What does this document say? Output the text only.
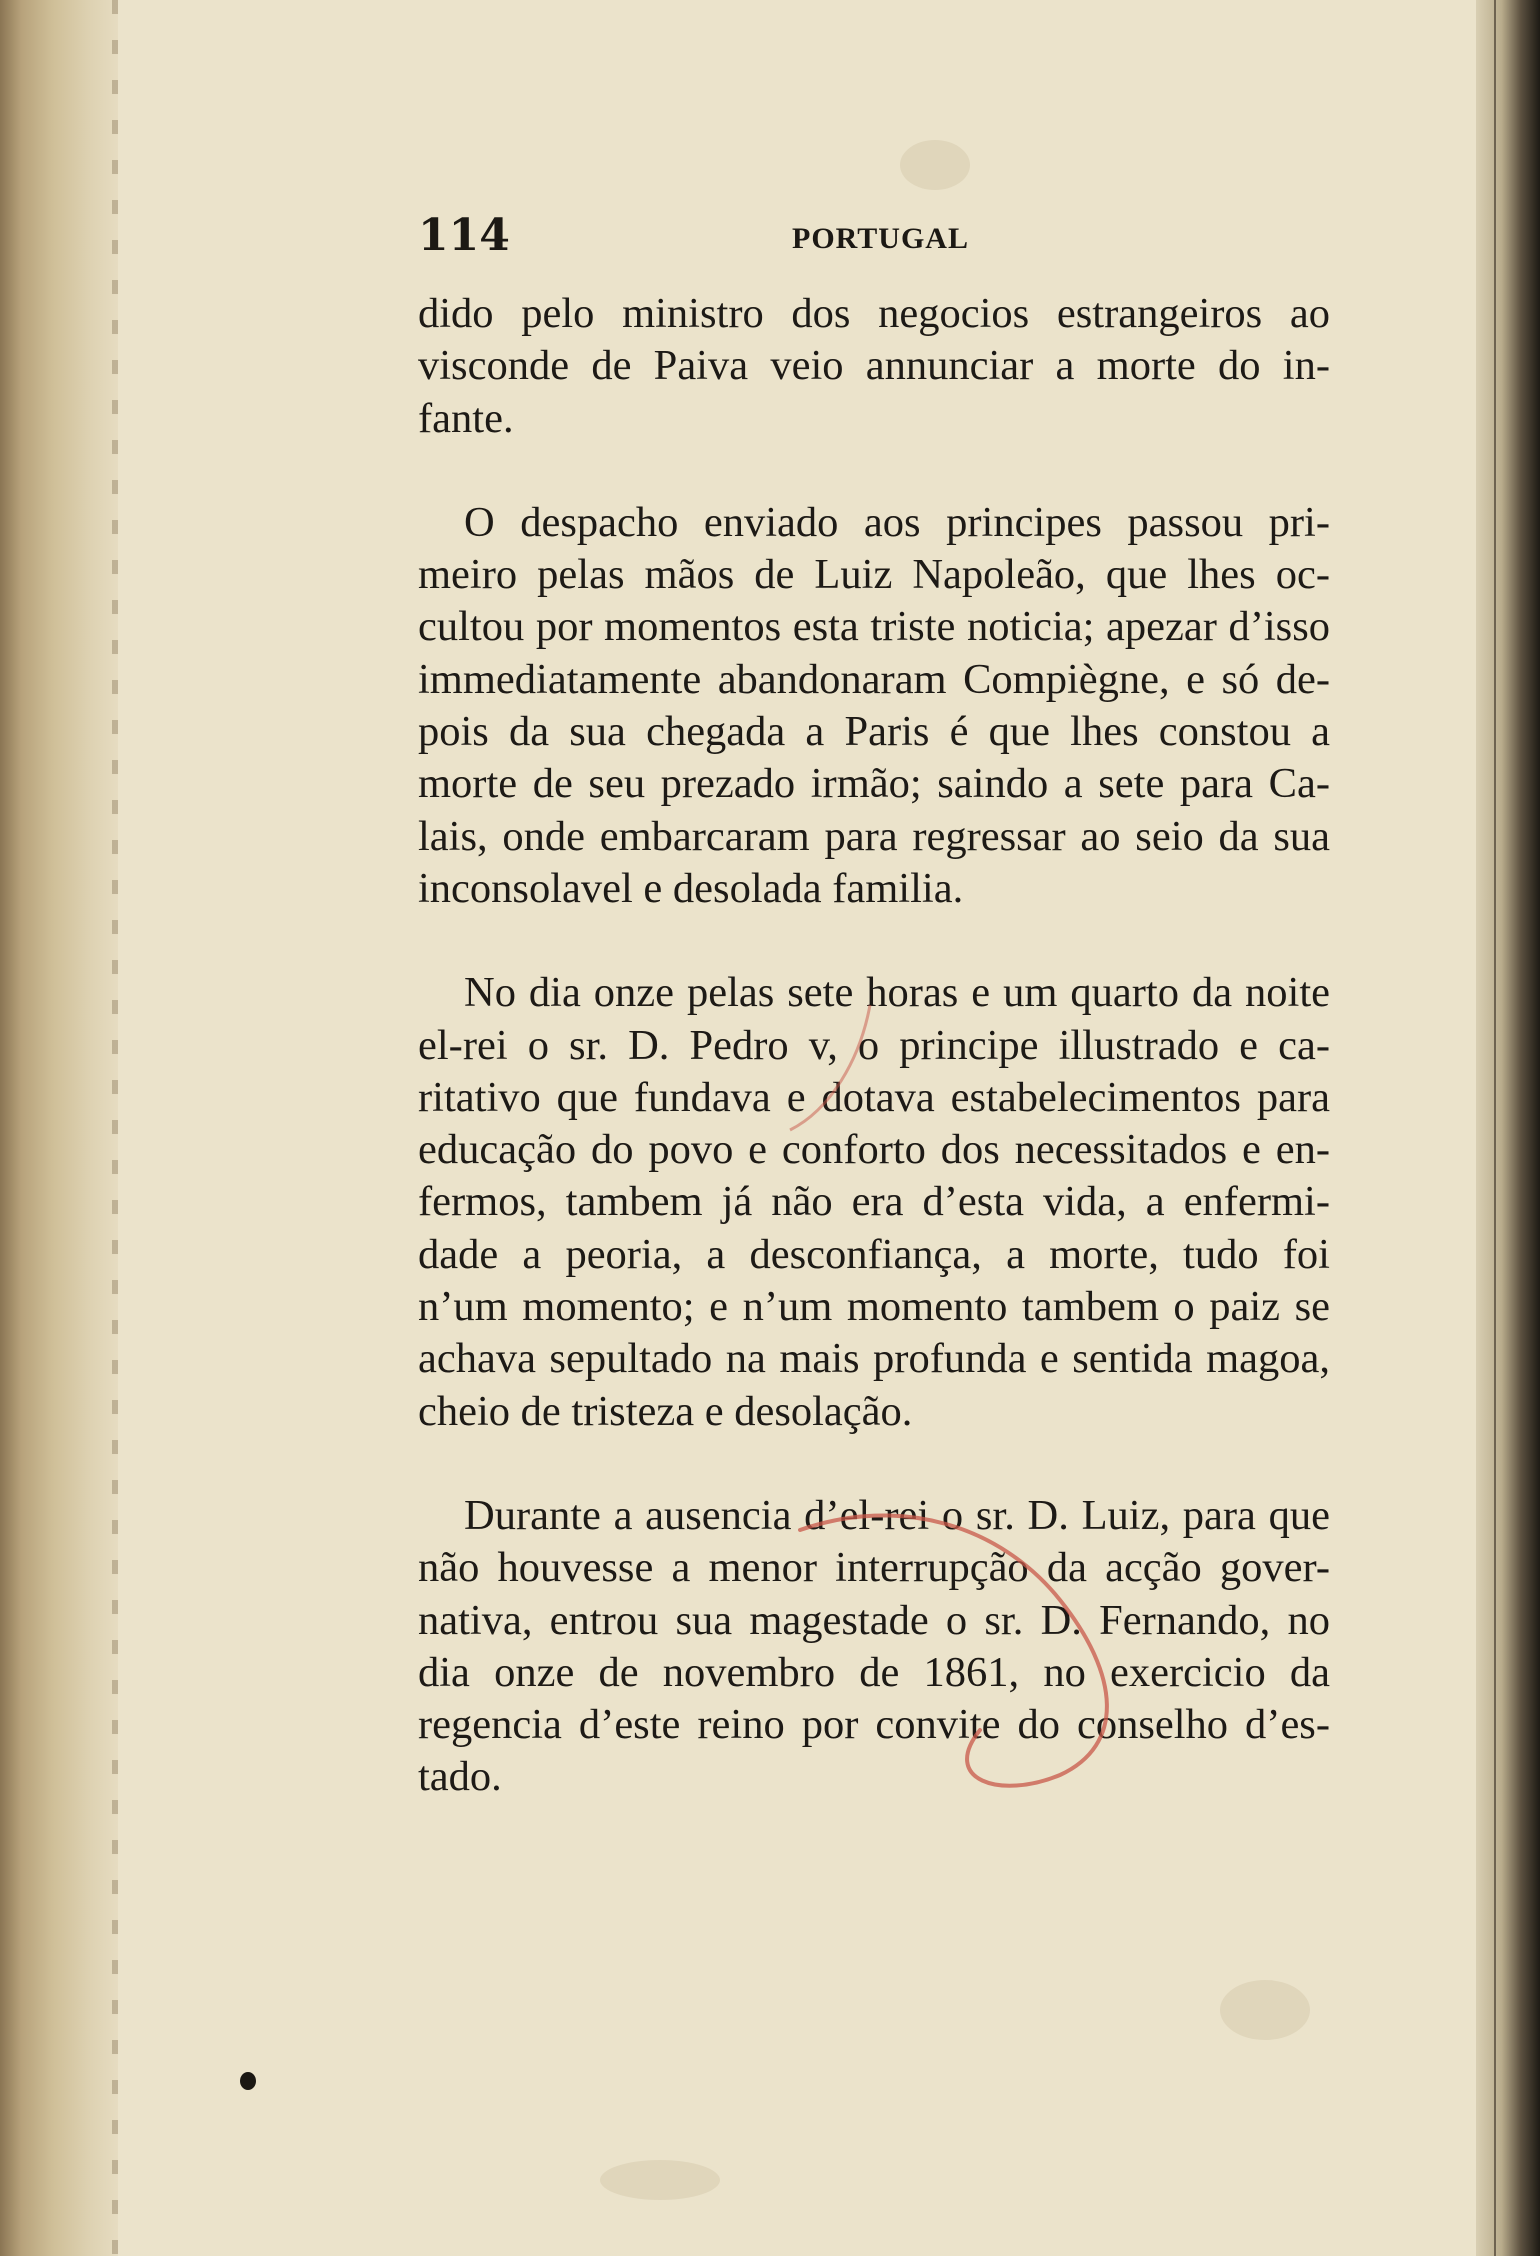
114	PORTUGAL

dido pelo ministro dos negocios estrangeiros ao
visconde de Paiva veio annunciar a morte do in-
fante.

O despacho enviado aos principes passou pri-
meiro pelas mãos de Luiz Napoleão, que lhes oc-
cultou por momentos esta triste noticia; apezar d’isso
immediatamente abandonaram Compiègne, e só de-
pois da sua chegada a Paris é que lhes constou a
morte de seu prezado irmão; saindo a sete para Ca-
lais, onde embarcaram para regressar ao seio da sua
inconsolavel e desolada familia.

No dia onze pelas sete horas e um quarto da noite
el-rei o sr. D. Pedro v, o principe illustrado e ca-
ritativo que fundava e dotava estabelecimentos para
educação do povo e conforto dos necessitados e en-
fermos, tambem já não era d’esta vida, a enfermi-
dade a peoria, a desconfiança, a morte, tudo foi
n’um momento; e n’um momento tambem o paiz se
achava sepultado na mais profunda e sentida magoa,
cheio de tristeza e desolação.

Durante a ausencia d’el-rei o sr. D. Luiz, para que
não houvesse a menor interrupção da acção gover-
nativa, entrou sua magestade o sr. D. Fernando, no
dia onze de novembro de 1861, no exercicio da
regencia d’este reino por convite do conselho d’es-
tado.
